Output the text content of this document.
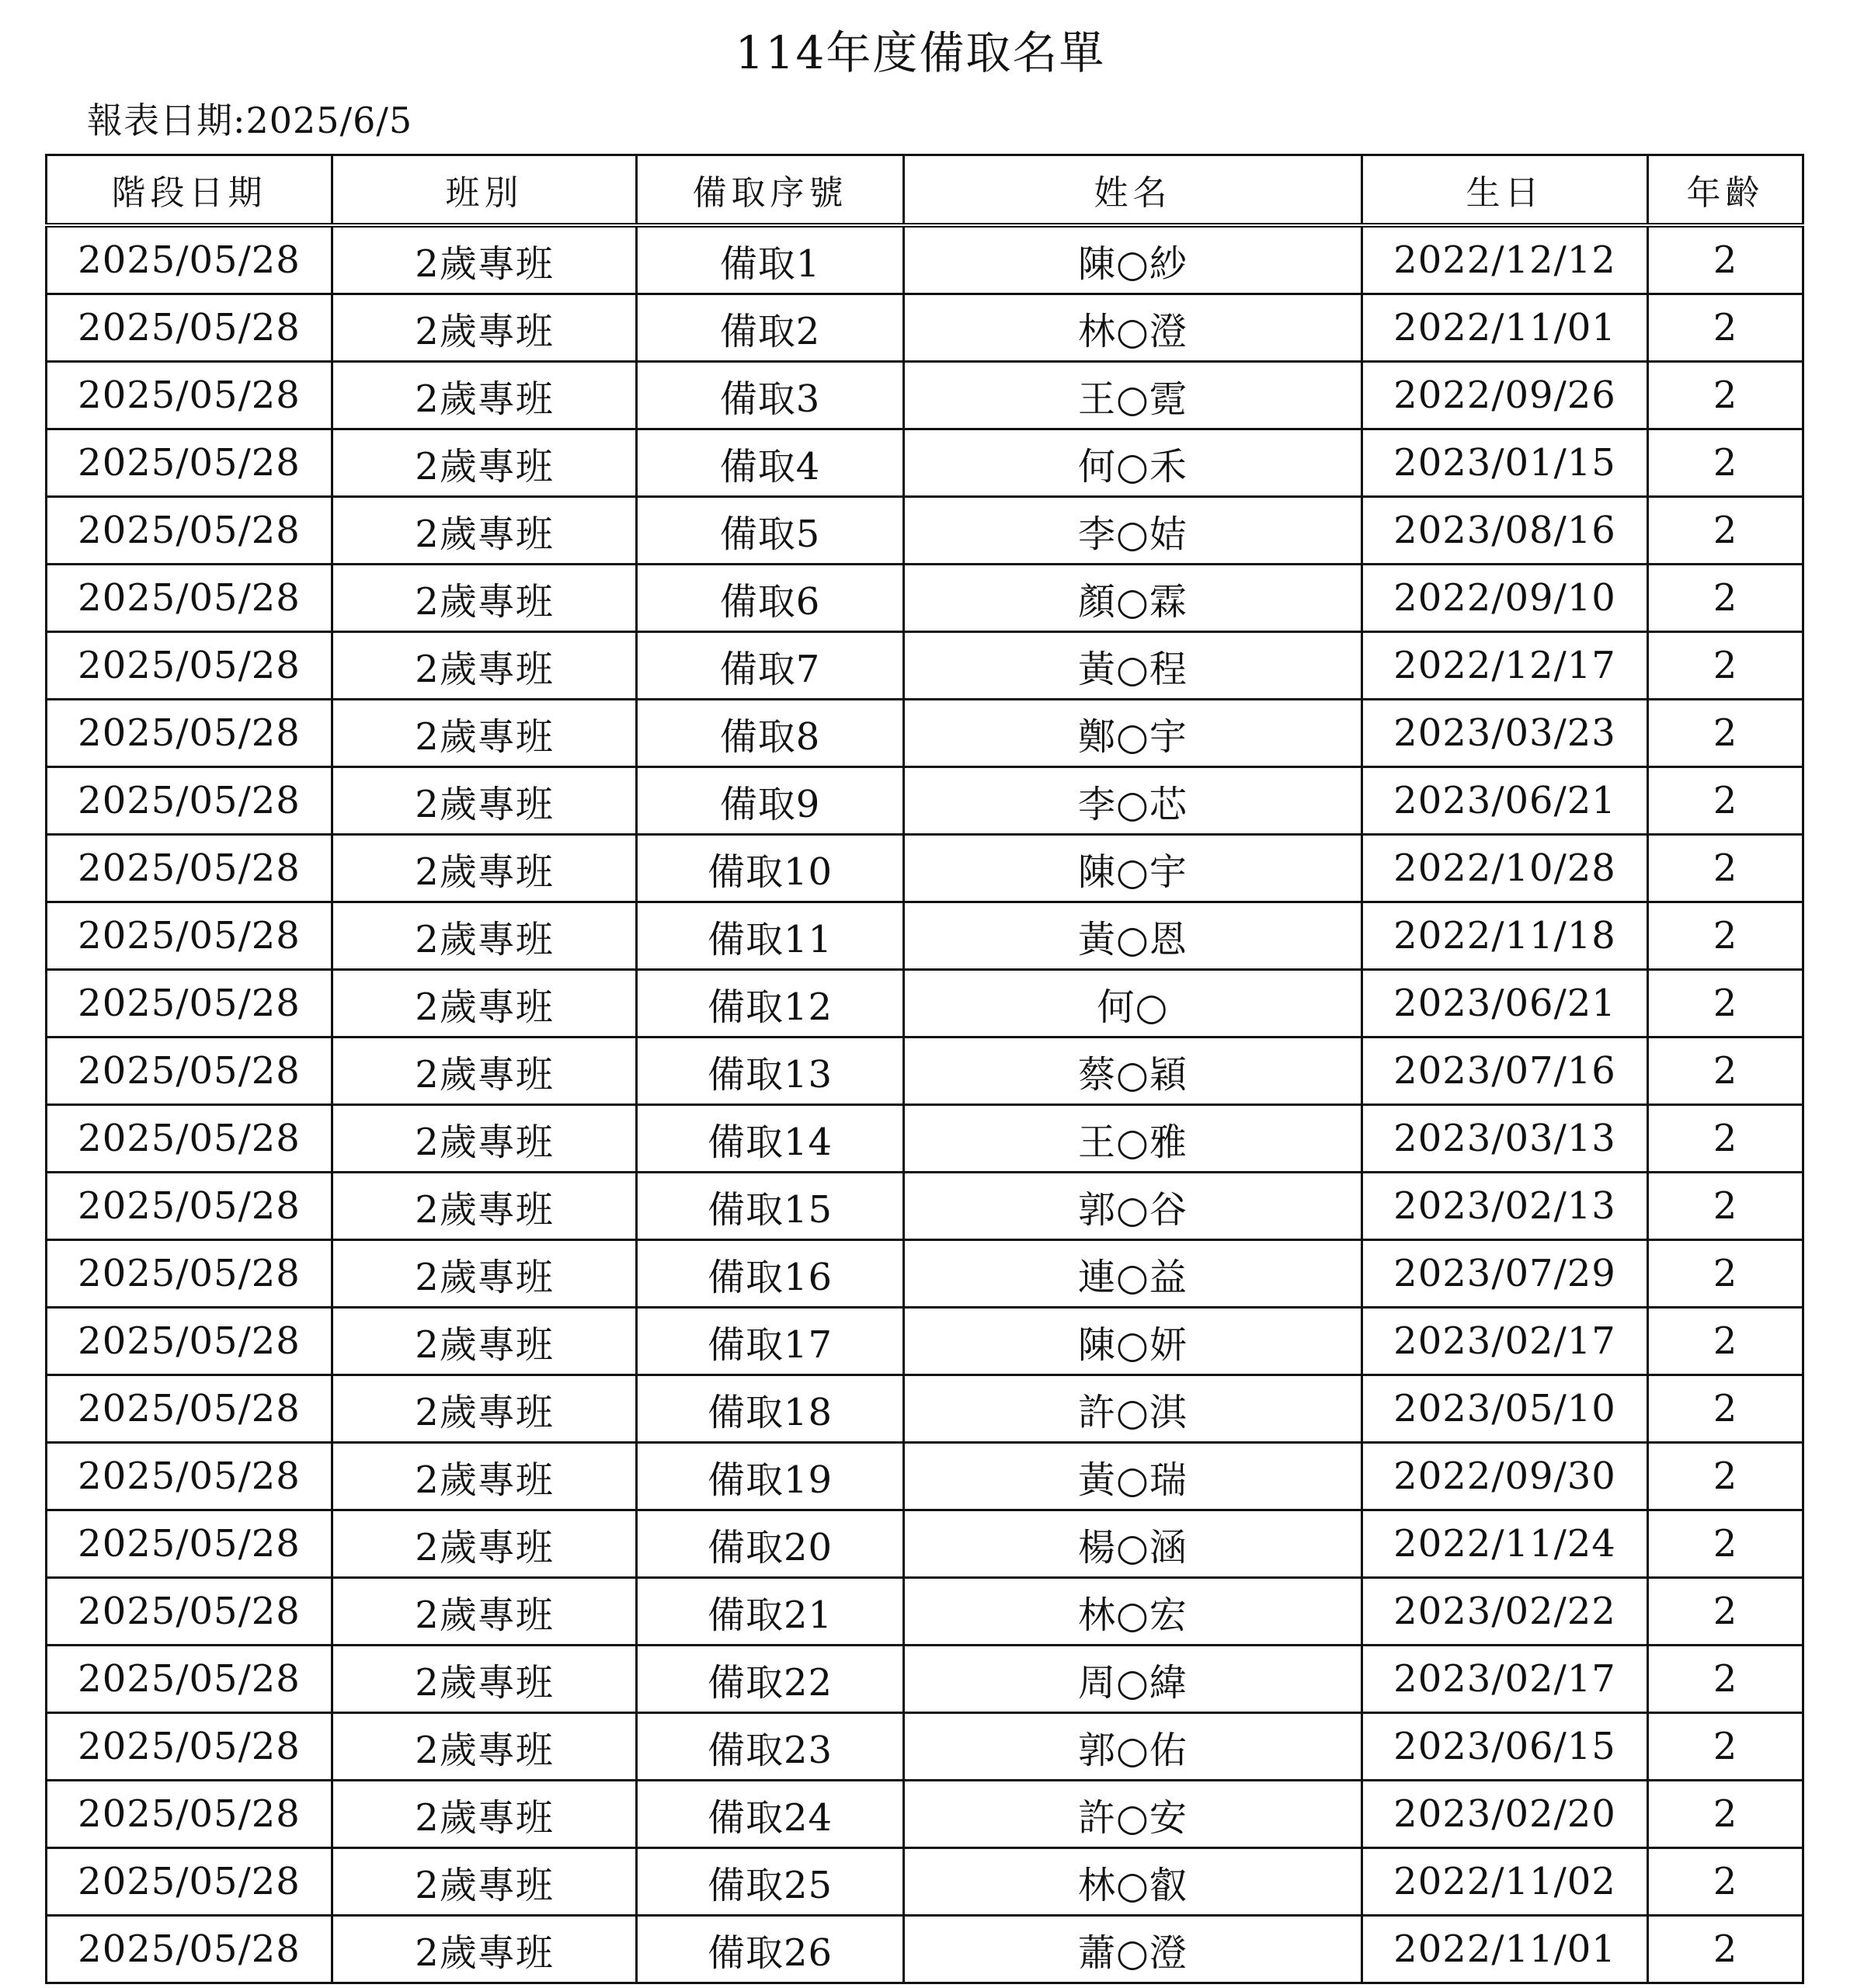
114年度備取名單
報表日期:2025/6/5
階段日期	班別	備取序號	姓名	生日	年齡
2025/05/28	2歲專班	備取1	陳○紗	2022/12/12	2
2025/05/28	2歲專班	備取2	林○澄	2022/11/01	2
2025/05/28	2歲專班	備取3	王○霓	2022/09/26	2
2025/05/28	2歲專班	備取4	何○禾	2023/01/15	2
2025/05/28	2歲專班	備取5	李○姞	2023/08/16	2
2025/05/28	2歲專班	備取6	顏○霖	2022/09/10	2
2025/05/28	2歲專班	備取7	黃○程	2022/12/17	2
2025/05/28	2歲專班	備取8	鄭○宇	2023/03/23	2
2025/05/28	2歲專班	備取9	李○芯	2023/06/21	2
2025/05/28	2歲專班	備取10	陳○宇	2022/10/28	2
2025/05/28	2歲專班	備取11	黃○恩	2022/11/18	2
2025/05/28	2歲專班	備取12	何○	2023/06/21	2
2025/05/28	2歲專班	備取13	蔡○穎	2023/07/16	2
2025/05/28	2歲專班	備取14	王○雅	2023/03/13	2
2025/05/28	2歲專班	備取15	郭○谷	2023/02/13	2
2025/05/28	2歲專班	備取16	連○益	2023/07/29	2
2025/05/28	2歲專班	備取17	陳○妍	2023/02/17	2
2025/05/28	2歲專班	備取18	許○淇	2023/05/10	2
2025/05/28	2歲專班	備取19	黃○瑞	2022/09/30	2
2025/05/28	2歲專班	備取20	楊○涵	2022/11/24	2
2025/05/28	2歲專班	備取21	林○宏	2023/02/22	2
2025/05/28	2歲專班	備取22	周○緯	2023/02/17	2
2025/05/28	2歲專班	備取23	郭○佑	2023/06/15	2
2025/05/28	2歲專班	備取24	許○安	2023/02/20	2
2025/05/28	2歲專班	備取25	林○叡	2022/11/02	2
2025/05/28	2歲專班	備取26	蕭○澄	2022/11/01	2
